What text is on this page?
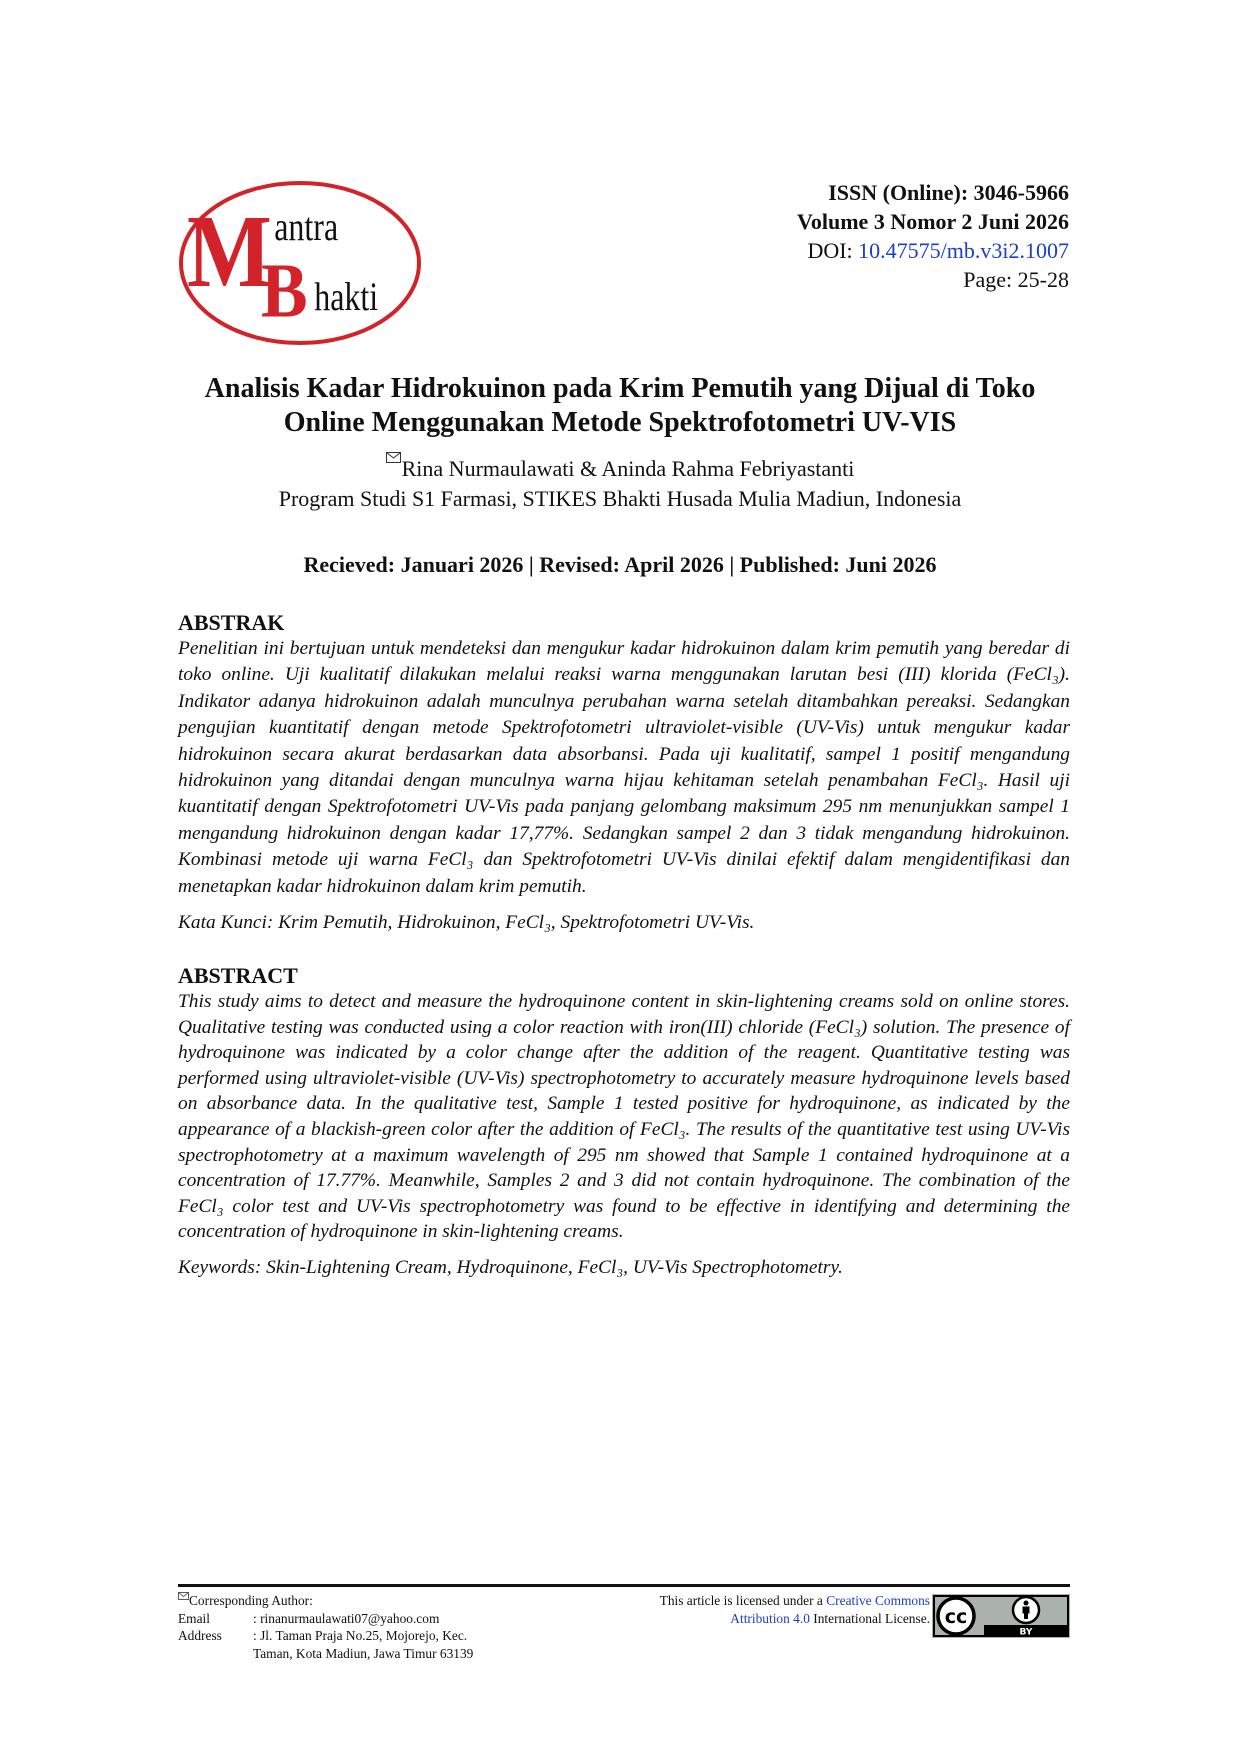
M antra
B hakti
ISSN (Online): 3046-5966
Volume 3 Nomor 2 Juni 2026
DOI: 10.47575/mb.v3i2.1007
Page: 25-28
Analisis Kadar Hidrokuinon pada Krim Pemutih yang Dijual di Toko
Online Menggunakan Metode Spektrofotometri UV-VIS
Rina Nurmaulawati & Aninda Rahma Febriyastanti
Program Studi S1 Farmasi, STIKES Bhakti Husada Mulia Madiun, Indonesia
Recieved: Januari 2026 | Revised: April 2026 | Published: Juni 2026

ABSTRAK

Penelitian ini bertujuan untuk mendeteksi dan mengukur kadar hidrokuinon dalam krim pemutih yang beredar di toko online. Uji kualitatif dilakukan melalui reaksi warna menggunakan larutan besi (III) klorida (FeCl₃). Indikator adanya hidrokuinon adalah munculnya perubahan warna setelah ditambahkan pereaksi. Sedangkan pengujian kuantitatif dengan metode Spektrofotometri ultraviolet-visible (UV-Vis) untuk mengukur kadar hidrokuinon secara akurat berdasarkan data absorbansi. Pada uji kualitatif, sampel 1 positif mengandung hidrokuinon yang ditandai dengan munculnya warna hijau kehitaman setelah penambahan FeCl₃. Hasil uji kuantitatif dengan Spektrofotometri UV-Vis pada panjang gelombang maksimum 295 nm menunjukkan sampel 1 mengandung hidrokuinon dengan kadar 17,77%. Sedangkan sampel 2 dan 3 tidak mengandung hidrokuinon. Kombinasi metode uji warna FeCl₃ dan Spektrofotometri UV-Vis dinilai efektif dalam mengidentifikasi dan menetapkan kadar hidrokuinon dalam krim pemutih.

Kata Kunci: Krim Pemutih, Hidrokuinon, FeCl₃, Spektrofotometri UV-Vis.

ABSTRACT

This study aims to detect and measure the hydroquinone content in skin-lightening creams sold on online stores. Qualitative testing was conducted using a color reaction with iron(III) chloride (FeCl₃) solution. The presence of hydroquinone was indicated by a color change after the addition of the reagent. Quantitative testing was performed using ultraviolet-visible (UV-Vis) spectrophotometry to accurately measure hydroquinone levels based on absorbance data. In the qualitative test, Sample 1 tested positive for hydroquinone, as indicated by the appearance of a blackish-green color after the addition of FeCl₃. The results of the quantitative test using UV-Vis spectrophotometry at a maximum wavelength of 295 nm showed that Sample 1 contained hydroquinone at a concentration of 17.77%. Meanwhile, Samples 2 and 3 did not contain hydroquinone. The combination of the FeCl₃ color test and UV-Vis spectrophotometry was found to be effective in identifying and determining the concentration of hydroquinone in skin-lightening creams.

Keywords: Skin-Lightening Cream, Hydroquinone, FeCl₃, UV-Vis Spectrophotometry.

Corresponding Author:
Email	: rinanurmaulawati07@yahoo.com
Address	: Jl. Taman Praja No.25, Mojorejo, Kec. Taman, Kota Madiun, Jawa Timur 63139
This article is licensed under a Creative Commons Attribution 4.0 International License. cc
BY
